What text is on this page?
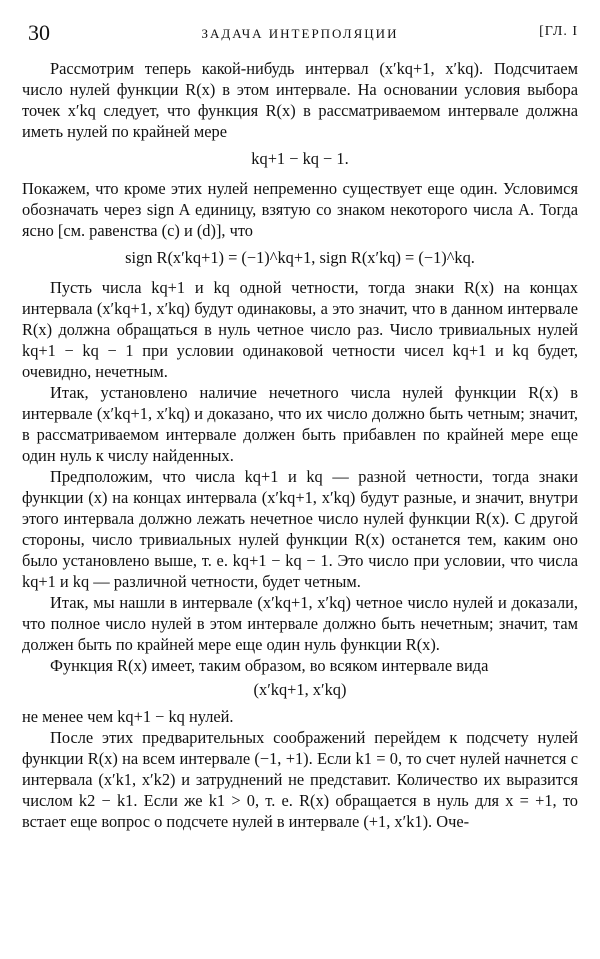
30	ЗАДАЧА ИНТЕРПОЛЯЦИИ	[ГЛ. I

Рассмотрим теперь какой-нибудь интервал (x′kq+1, x′kq). Подсчитаем число нулей функции R(x) в этом интервале. На основании условия выбора точек x′kq следует, что функция R(x) в рассматриваемом интервале должна иметь нулей по крайней мере

kq+1 − kq − 1.

Покажем, что кроме этих нулей непременно существует еще один. Условимся обозначать через sign A единицу, взятую со знаком некоторого числа A. Тогда ясно [см. равенства (c) и (d)], что

sign R(x′kq+1) = (−1)^kq+1, sign R(x′kq) = (−1)^kq.

Пусть числа kq+1 и kq одной четности, тогда знаки R(x) на концах интервала (x′kq+1, x′kq) будут одинаковы, а это значит, что в данном интервале R(x) должна обращаться в нуль четное число раз. Число тривиальных нулей kq+1 − kq − 1 при условии одинаковой четности чисел kq+1 и kq будет, очевидно, нечетным.

Итак, установлено наличие нечетного числа нулей функции R(x) в интервале (x′kq+1, x′kq) и доказано, что их число должно быть четным; значит, в рассматриваемом интервале должен быть прибавлен по крайней мере еще один нуль к числу найденных.

Предположим, что числа kq+1 и kq — разной четности, тогда знаки функции (x) на концах интервала (x′kq+1, x′kq) будут разные, и значит, внутри этого интервала должно лежать нечетное число нулей функции R(x). С другой стороны, число тривиальных нулей функции R(x) останется тем, каким оно было установлено выше, т. е. kq+1 − kq − 1. Это число при условии, что числа kq+1 и kq — различной четности, будет четным.

Итак, мы нашли в интервале (x′kq+1, x′kq) четное число нулей и доказали, что полное число нулей в этом интервале должно быть нечетным; значит, там должен быть по крайней мере еще один нуль функции R(x).

Функция R(x) имеет, таким образом, во всяком интервале вида

(x′kq+1, x′kq)

не менее чем kq+1 − kq нулей.

После этих предварительных соображений перейдем к подсчету нулей функции R(x) на всем интервале (−1, +1). Если k1 = 0, то счет нулей начнется с интервала (x′k1, x′k2) и затруднений не представит. Количество их выразится числом k2 − k1. Если же k1 > 0, т. е. R(x) обращается в нуль для x = +1, то встает еще вопрос о подсчете нулей в интервале (+1, x′k1). Оче-
